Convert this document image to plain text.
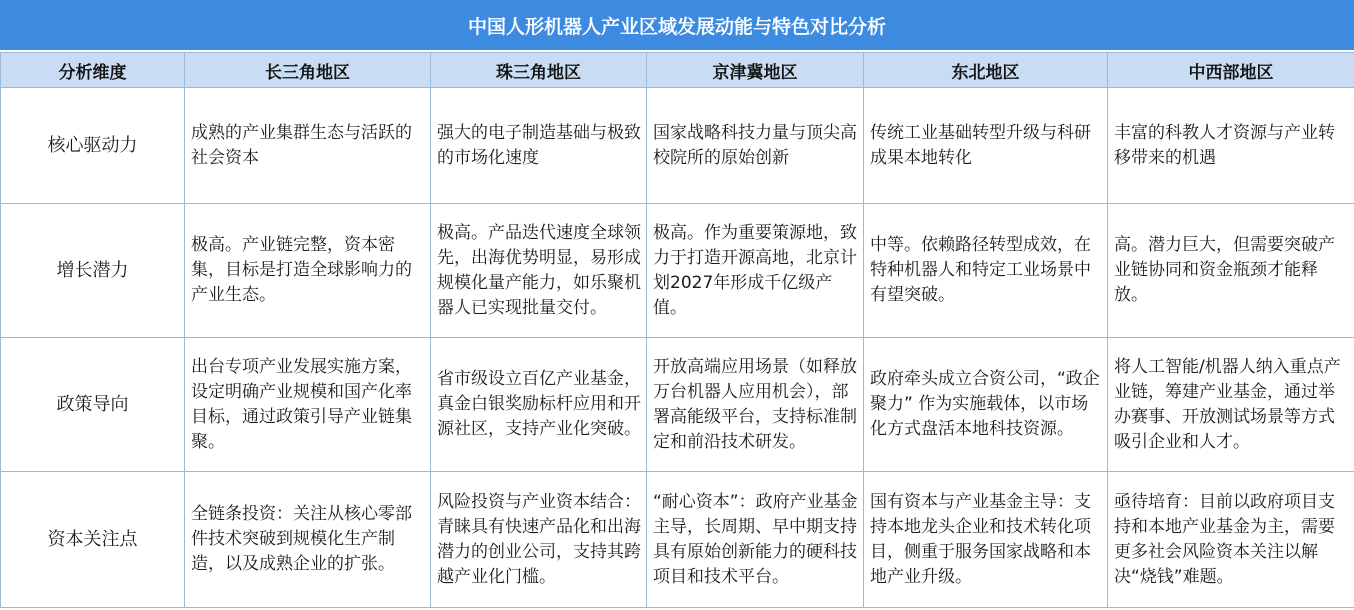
中国人形机器人产业区域发展动能与特色对比分析
分析维度	长三角地区	珠三角地区	京津冀地区	东北地区	中西部地区
核心驱动力	成熟的产业集群生态与活跃的社会资本	强大的电子制造基础与极致的市场化速度	国家战略科技力量与顶尖高校院所的原始创新	传统工业基础转型升级与科研成果本地转化	丰富的科教人才资源与产业转移带来的机遇

增长潜力	极高。产业链完整，资本密集，目标是打造全球影响力的产业生态。	极高。产品迭代速度全球领先，出海优势明显，易形成规模化量产能力，如乐聚机器人已实现批量交付。	极高。作为重要策源地，致力于打造开源高地，北京计划2027年形成千亿级产值。	中等。依赖路径转型成效，在特种机器人和特定工业场景中有望突破。	高。潜力巨大，但需要突破产业链协同和资金瓶颈才能释放。

政策导向	出台专项产业发展实施方案，设定明确产业规模和国产化率目标，通过政策引导产业链集聚。	省市级设立百亿产业基金，真金白银奖励标杆应用和开源社区，支持产业化突破。	开放高端应用场景（如释放万台机器人应用机会），部署高能级平台，支持标准制定和前沿技术研发。	政府牵头成立合资公司，“政企聚力” 作为实施载体，以市场化方式盘活本地科技资源。	将人工智能/机器人纳入重点产业链，筹建产业基金，通过举办赛事、开放测试场景等方式吸引企业和人才。

资本关注点	全链条投资：关注从核心零部件技术突破到规模化生产制造，以及成熟企业的扩张。	风险投资与产业资本结合：青睐具有快速产品化和出海潜力的创业公司，支持其跨越产业化门槛。	“耐心资本”：政府产业基金主导，长周期、早中期支持具有原始创新能力的硬科技项目和技术平台。	国有资本与产业基金主导：支持本地龙头企业和技术转化项目，侧重于服务国家战略和本地产业升级。	亟待培育：目前以政府项目支持和本地产业基金为主，需要更多社会风险资本关注以解决“烧钱”难题。
